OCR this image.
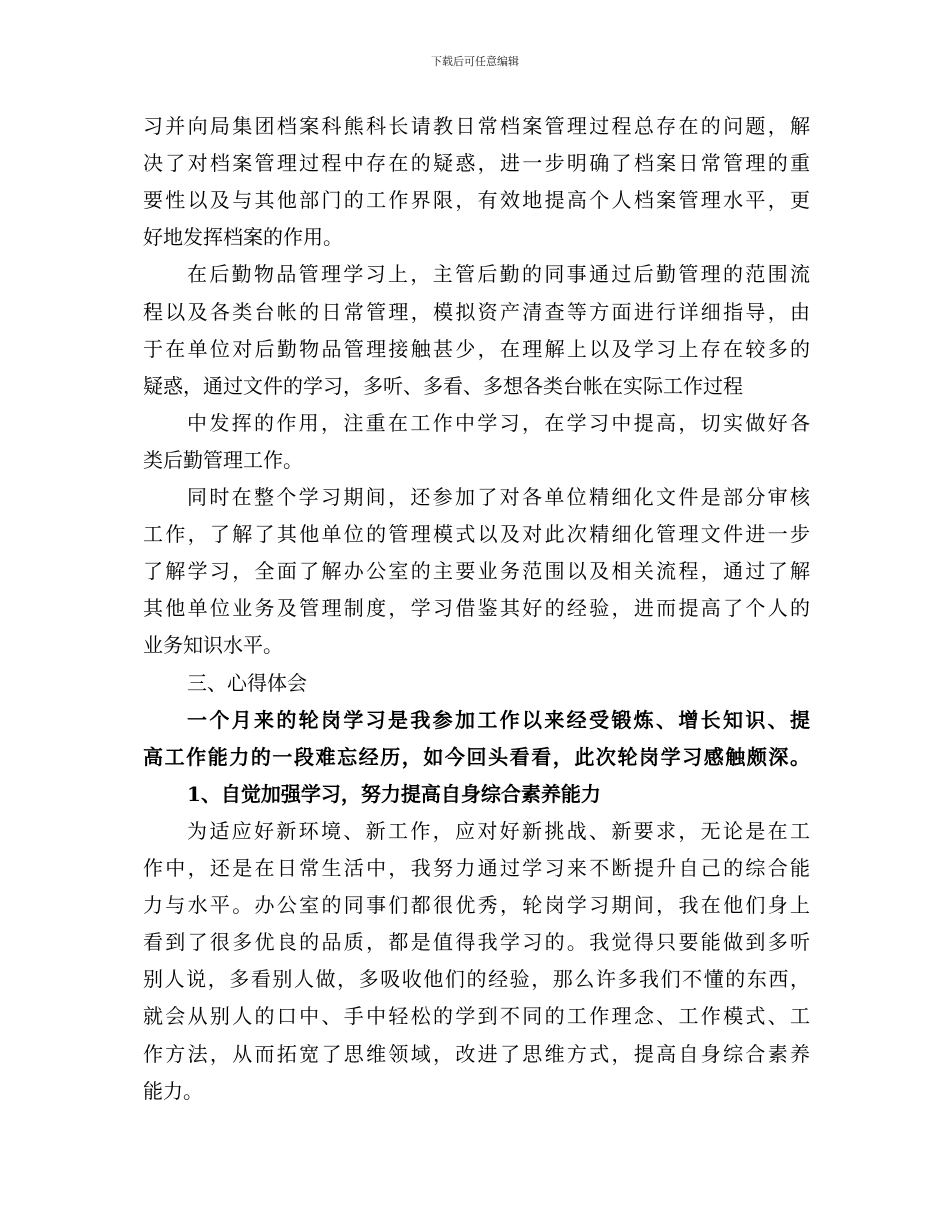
下载后可任意编辑
习并向局集团档案科熊科长请教日常档案管理过程总存在的问题，解
决了对档案管理过程中存在的疑惑，进一步明确了档案日常管理的重
要性以及与其他部门的工作界限，有效地提高个人档案管理水平，更
好地发挥档案的作用。
在后勤物品管理学习上，主管后勤的同事通过后勤管理的范围流
程以及各类台帐的日常管理，模拟资产清查等方面进行详细指导，由
于在单位对后勤物品管理接触甚少，在理解上以及学习上存在较多的
疑惑，通过文件的学习，多听、多看、多想各类台帐在实际工作过程
中发挥的作用，注重在工作中学习，在学习中提高，切实做好各
类后勤管理工作。
同时在整个学习期间，还参加了对各单位精细化文件是部分审核
工作，了解了其他单位的管理模式以及对此次精细化管理文件进一步
了解学习，全面了解办公室的主要业务范围以及相关流程，通过了解
其他单位业务及管理制度，学习借鉴其好的经验，进而提高了个人的
业务知识水平。
三、心得体会
一个月来的轮岗学习是我参加工作以来经受锻炼、增长知识、提
高工作能力的一段难忘经历，如今回头看看，此次轮岗学习感触颇深。
1、自觉加强学习，努力提高自身综合素养能力
为适应好新环境、新工作，应对好新挑战、新要求，无论是在工
作中，还是在日常生活中，我努力通过学习来不断提升自己的综合能
力与水平。办公室的同事们都很优秀，轮岗学习期间，我在他们身上
看到了很多优良的品质，都是值得我学习的。我觉得只要能做到多听
别人说，多看别人做，多吸收他们的经验，那么许多我们不懂的东西，
就会从别人的口中、手中轻松的学到不同的工作理念、工作模式、工
作方法，从而拓宽了思维领域，改进了思维方式，提高自身综合素养
能力。
